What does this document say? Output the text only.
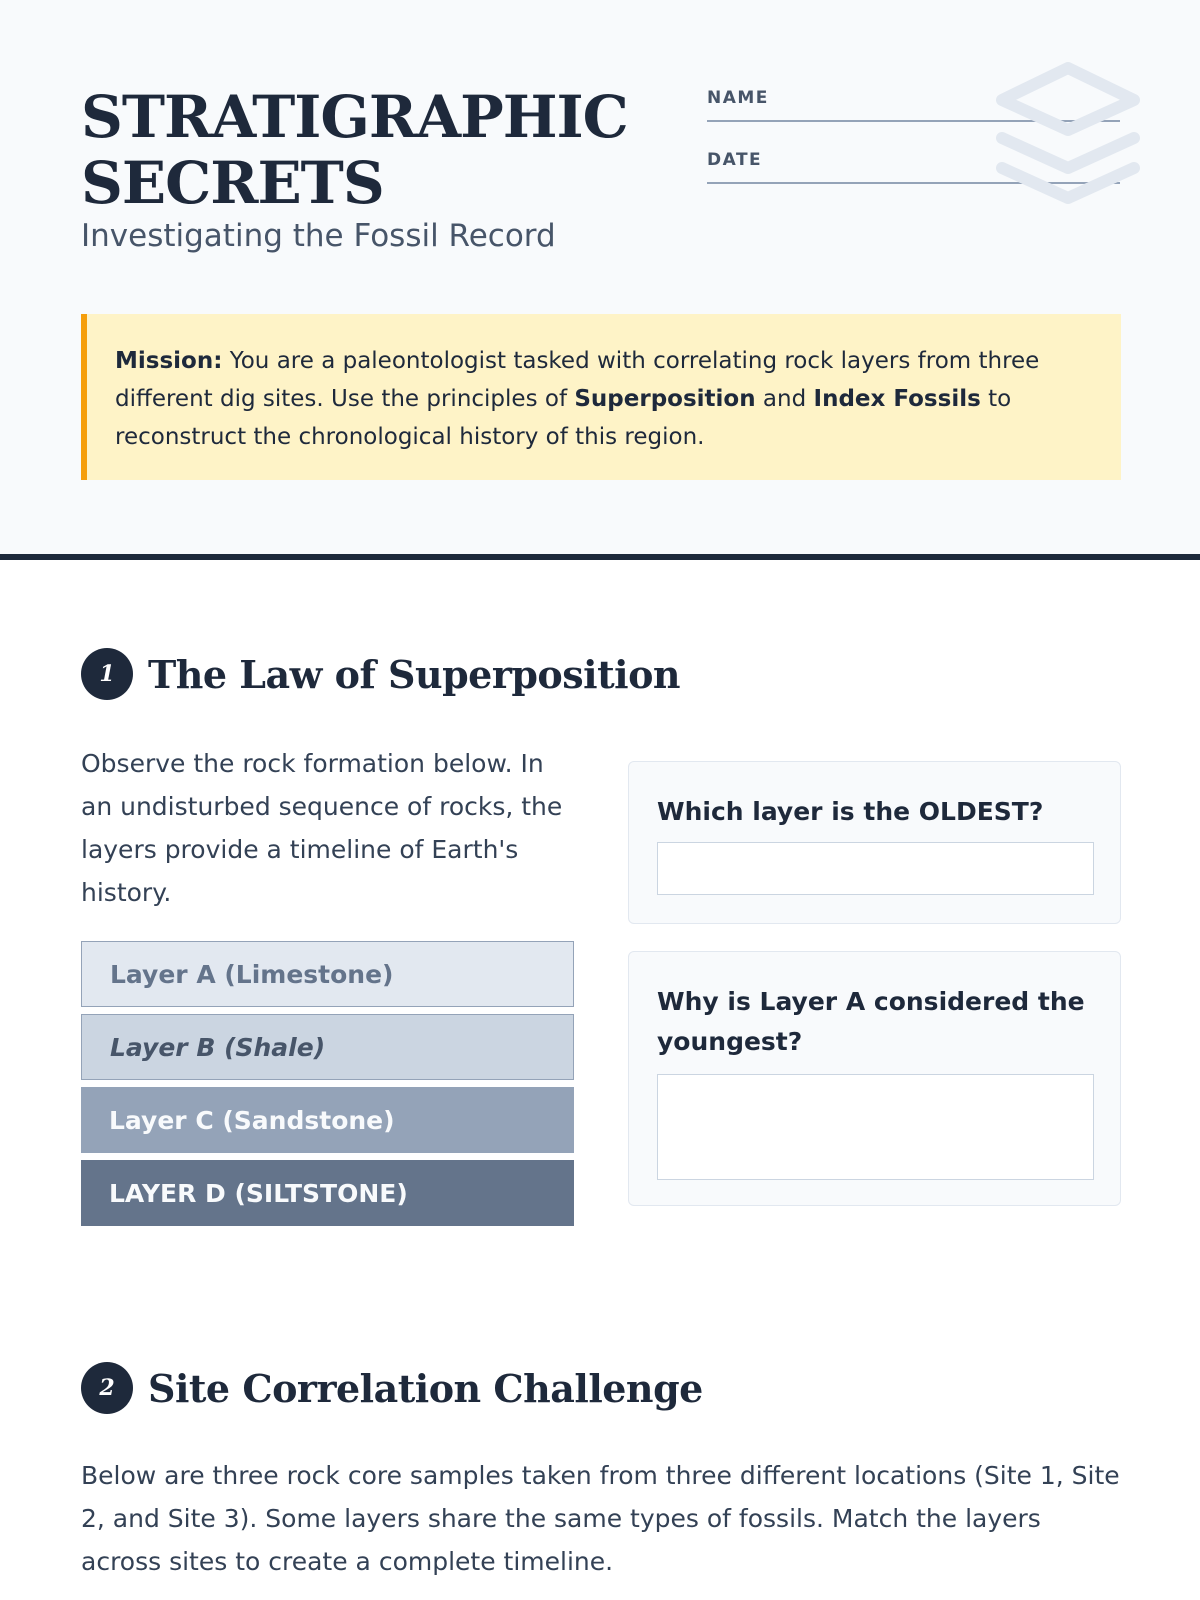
STRATIGRAPHIC
SECRETS
Investigating the Fossil Record
NAME
DATE
Mission: You are a paleontologist tasked with correlating rock layers from three different dig sites. Use the principles of Superposition and Index Fossils to reconstruct the chronological history of this region.
1 The Law of Superposition

Observe the rock formation below. In an undisturbed sequence of rocks, the layers provide a timeline of Earth's history.

Layer A (Limestone)
Layer B (Shale)
Layer C (Sandstone)
LAYER D (SILTSTONE)
Which layer is the OLDEST?
Why is Layer A considered the youngest?
2 Site Correlation Challenge

Below are three rock core samples taken from three different locations (Site 1, Site 2, and Site 3). Some layers share the same types of fossils. Match the layers across sites to create a complete timeline.
